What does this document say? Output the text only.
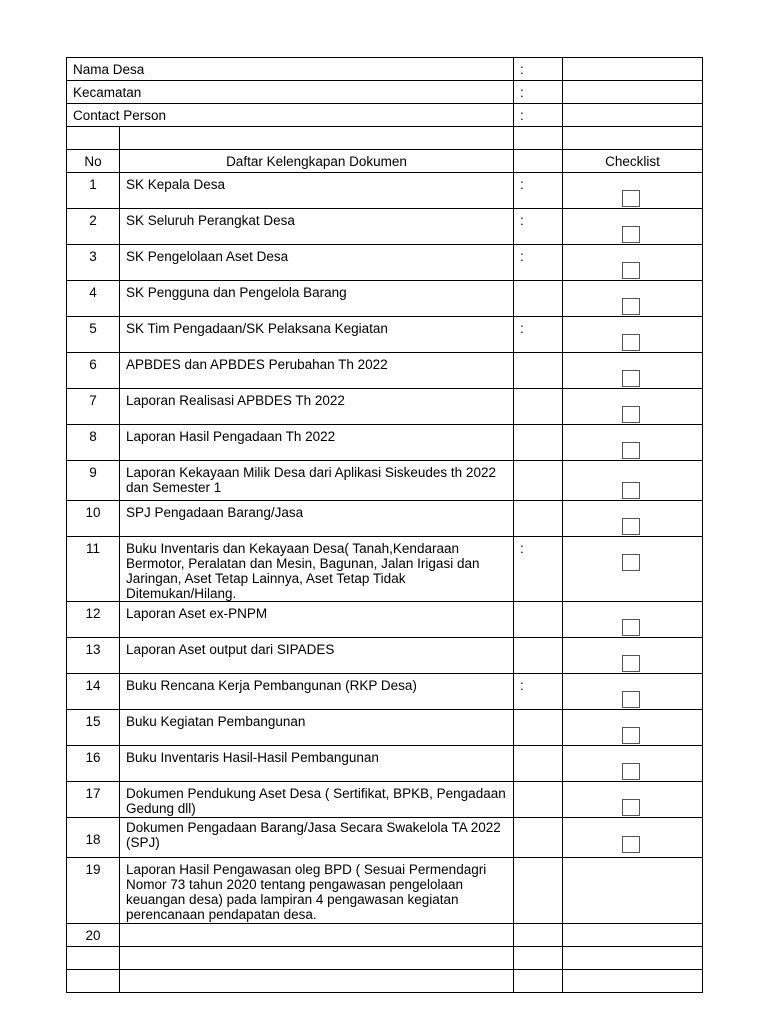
Nama Desa		:	
Kecamatan		:	
Contact Person		:	

No	Daftar Kelengkapan Dokumen		Checklist
1	SK Kepala Desa	:	

2	SK Seluruh Perangkat Desa	:	

3	SK Pengelolaan Aset Desa	:	

4	SK Pengguna dan Pengelola Barang		

5	SK Tim Pengadaan/SK Pelaksana Kegiatan	:	

6	APBDES dan APBDES Perubahan Th 2022		

7	Laporan Realisasi APBDES Th 2022		

8	Laporan Hasil Pengadaan Th 2022		

9	Laporan Kekayaan Milik Desa dari Aplikasi Siskeudes th 2022 dan Semester 1		

10	SPJ Pengadaan Barang/Jasa		

11	Buku Inventaris dan Kekayaan Desa( Tanah,Kendaraan Bermotor, Peralatan dan Mesin, Bagunan, Jalan Irigasi dan Jaringan, Aset Tetap Lainnya, Aset Tetap Tidak Ditemukan/Hilang.	:	

12	Laporan Aset ex-PNPM		

13	Laporan Aset output dari SIPADES		

14	Buku Rencana Kerja Pembangunan (RKP Desa)	:	

15	Buku Kegiatan Pembangunan		

16	Buku Inventaris Hasil-Hasil Pembangunan		

17	Dokumen Pendukung Aset Desa ( Sertifikat, BPKB, Pengadaan Gedung dll)		

18	Dokumen Pengadaan Barang/Jasa Secara Swakelola TA 2022 (SPJ)		

19	Laporan Hasil Pengawasan oleg BPD ( Sesuai Permendagri Nomor 73 tahun 2020 tentang pengawasan pengelolaan keuangan desa) pada lampiran 4 pengawasan kegiatan perencanaan pendapatan desa.		
20			
